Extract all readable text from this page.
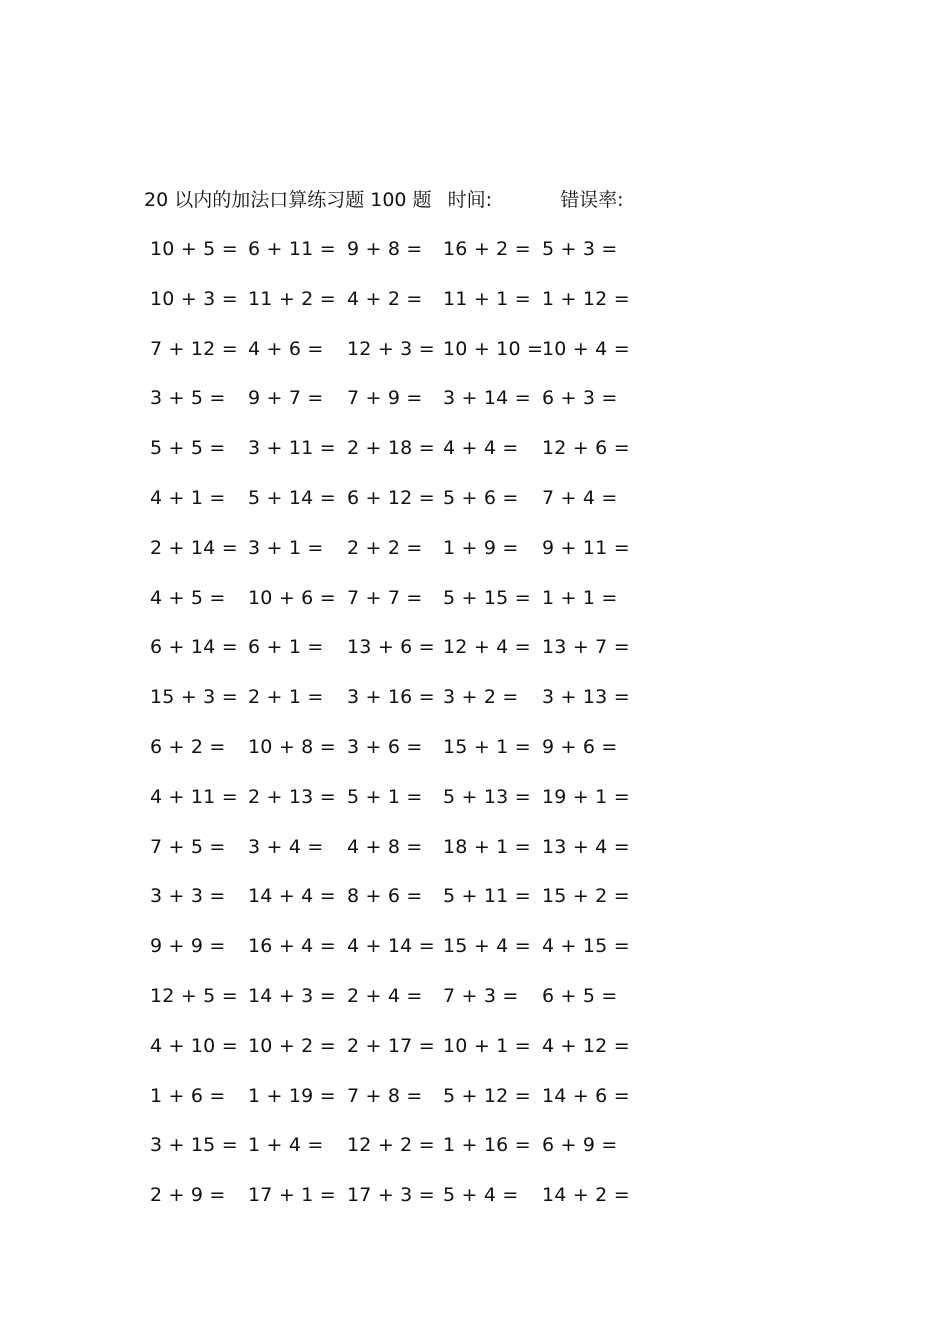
20 以内的加法口算练习题 100 题 时间:	错误率:
10 + 5 = 6 + 11 = 9 + 8 = 16 + 2 = 5 + 3 =
10 + 3 = 11 + 2 = 4 + 2 = 11 + 1 = 1 + 12 =
7 + 12 = 4 + 6 = 12 + 3 = 10 + 10 =
10 + 4 =
3 + 5 = 9 + 7 = 7 + 9 = 3 + 14 = 6 + 3 =
5 + 5 = 3 + 11 = 2 + 18 = 4 + 4 = 12 + 6 =
4 + 1 = 5 + 14 = 6 + 12 = 5 + 6 = 7 + 4 =
2 + 14 = 3 + 1 = 2 + 2 = 1 + 9 = 9 + 11 =
4 + 5 = 10 + 6 = 7 + 7 = 5 + 15 = 1 + 1 =
6 + 14 = 6 + 1 = 13 + 6 = 12 + 4 = 13 + 7 =
15 + 3 = 2 + 1 = 3 + 16 = 3 + 2 = 3 + 13 =
6 + 2 = 10 + 8 = 3 + 6 = 15 + 1 = 9 + 6 =
4 + 11 = 2 + 13 = 5 + 1 = 5 + 13 = 19 + 1 =
7 + 5 = 3 + 4 = 4 + 8 = 18 + 1 = 13 + 4 =
3 + 3 = 14 + 4 = 8 + 6 = 5 + 11 = 15 + 2 =
9 + 9 = 16 + 4 = 4 + 14 = 15 + 4 = 4 + 15 =
12 + 5 = 14 + 3 = 2 + 4 = 7 + 3 = 6 + 5 =
4 + 10 = 10 + 2 = 2 + 17 = 10 + 1 = 4 + 12 =
1 + 6 = 1 + 19 = 7 + 8 = 5 + 12 = 14 + 6 =
3 + 15 = 1 + 4 = 12 + 2 = 1 + 16 = 6 + 9 =
2 + 9 = 17 + 1 = 17 + 3 = 5 + 4 = 14 + 2 =
